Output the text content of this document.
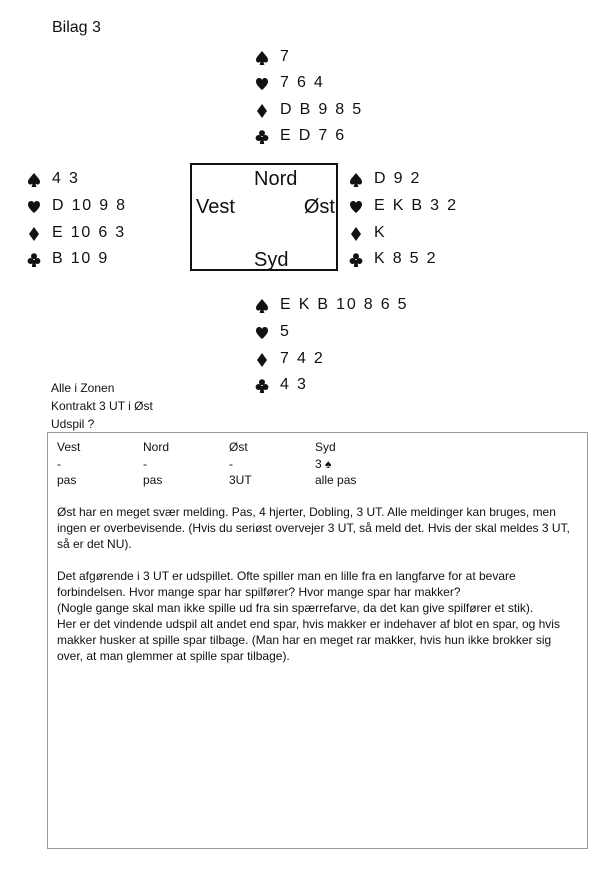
Bilag 3
7
7 6 4
D B 9 8 5
E D 7 6
4 3
D 10 9 8
E 10 6 3
B 10 9
Nord
Vest	Øst
Syd
D 9 2
E K B 3 2
K
K 8 5 2
E K B 10 8 6 5
5
7 4 2
4 3
Alle i Zonen
Kontrakt 3 UT i Øst
Udspil ?
Vest	Nord	Øst	Syd
-	-	-	3 ♠
pas	pas	3UT	alle pas
Øst har en meget svær melding. Pas, 4 hjerter, Dobling, 3 UT. Alle meldinger kan bruges, men
ingen er overbevisende. (Hvis du seriøst overvejer 3 UT, så meld det. Hvis der skal meldes 3 UT,
så er det NU).
Det afgørende i 3 UT er udspillet. Ofte spiller man en lille fra en langfarve for at bevare
forbindelsen. Hvor mange spar har spilfører? Hvor mange spar har makker?
(Nogle gange skal man ikke spille ud fra sin spærrefarve, da det kan give spilfører et stik).
Her er det vindende udspil alt andet end spar, hvis makker er indehaver af blot en spar, og hvis
makker husker at spille spar tilbage. (Man har en meget rar makker, hvis hun ikke brokker sig
over, at man glemmer at spille spar tilbage).
